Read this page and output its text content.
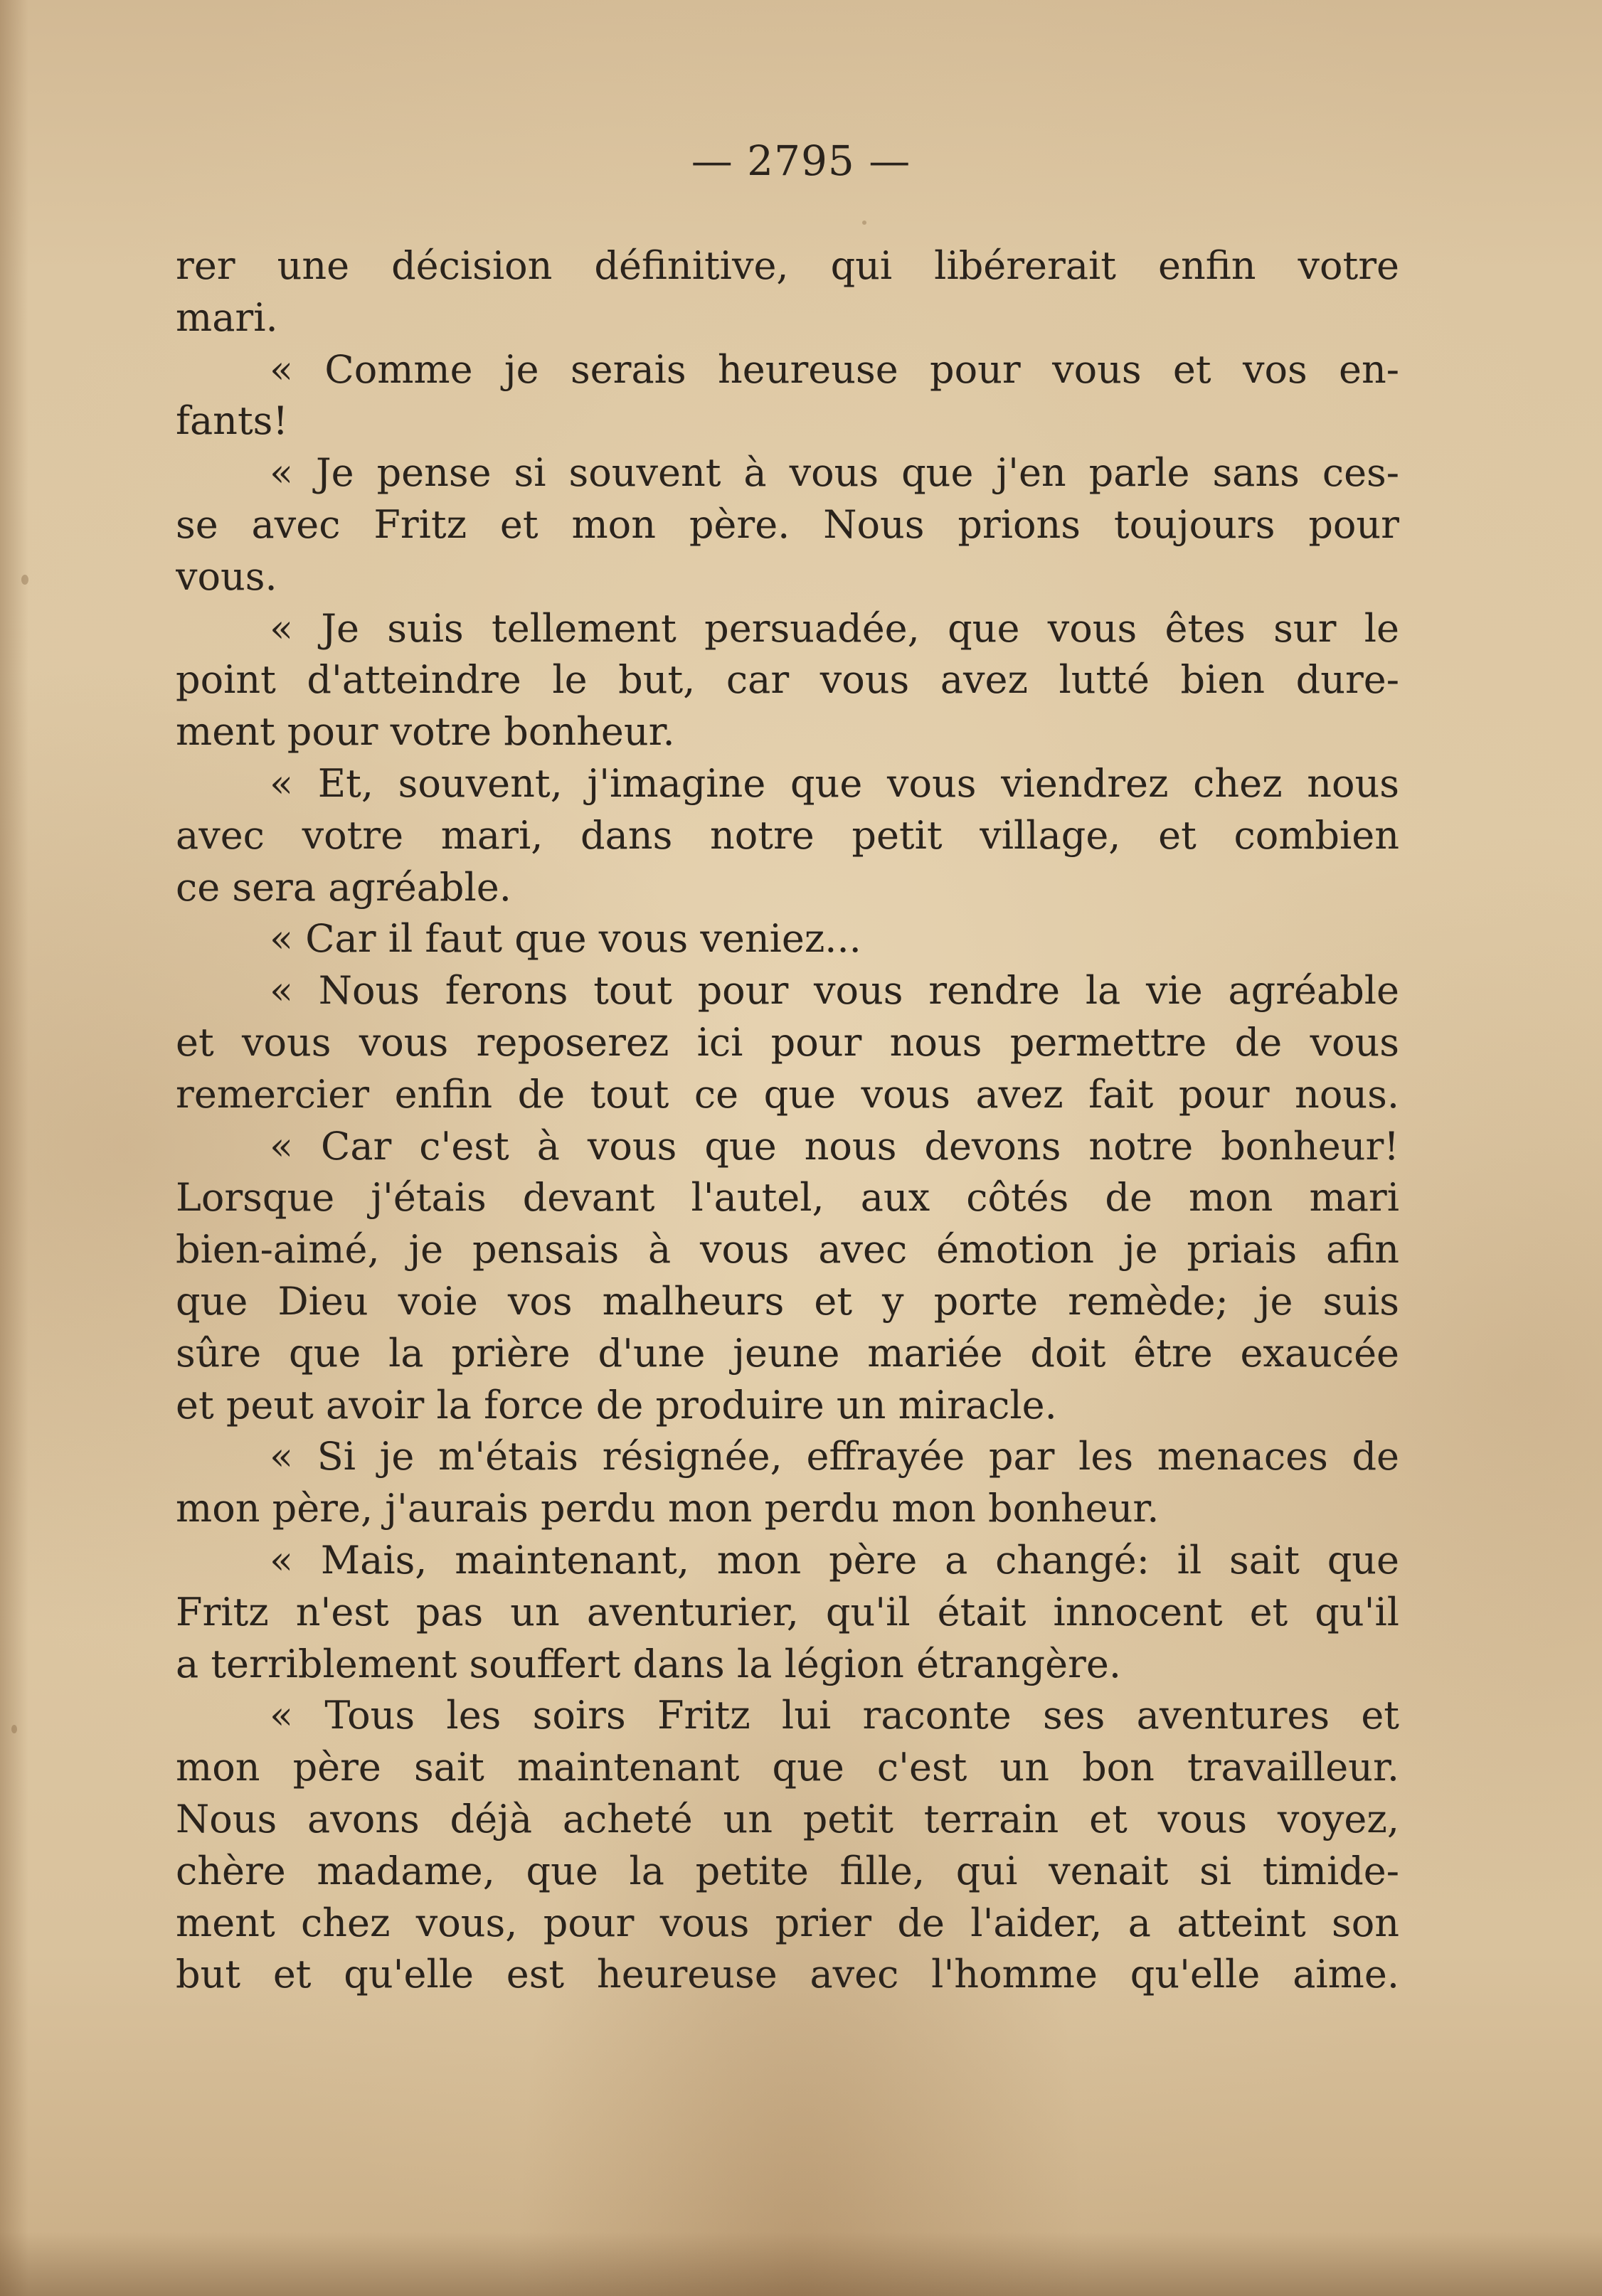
— 2795 —
rer une décision définitive, qui libérerait enfin votre
mari.
« Comme je serais heureuse pour vous et vos en-
fants!
« Je pense si souvent à vous que j'en parle sans ces-
se avec Fritz et mon père. Nous prions toujours pour
vous.
« Je suis tellement persuadée, que vous êtes sur le
point d'atteindre le but, car vous avez lutté bien dure-
ment pour votre bonheur.
« Et, souvent, j'imagine que vous viendrez chez nous
avec votre mari, dans notre petit village, et combien
ce sera agréable.
« Car il faut que vous veniez...
« Nous ferons tout pour vous rendre la vie agréable
et vous vous reposerez ici pour nous permettre de vous
remercier enfin de tout ce que vous avez fait pour nous.
« Car c'est à vous que nous devons notre bonheur!
Lorsque j'étais devant l'autel, aux côtés de mon mari
bien-aimé, je pensais à vous avec émotion je priais afin
que Dieu voie vos malheurs et y porte remède; je suis
sûre que la prière d'une jeune mariée doit être exaucée
et peut avoir la force de produire un miracle.
« Si je m'étais résignée, effrayée par les menaces de
mon père, j'aurais perdu mon perdu mon bonheur.
« Mais, maintenant, mon père a changé: il sait que
Fritz n'est pas un aventurier, qu'il était innocent et qu'il
a terriblement souffert dans la légion étrangère.
« Tous les soirs Fritz lui raconte ses aventures et
mon père sait maintenant que c'est un bon travailleur.
Nous avons déjà acheté un petit terrain et vous voyez,
chère madame, que la petite fille, qui venait si timide-
ment chez vous, pour vous prier de l'aider, a atteint son
but et qu'elle est heureuse avec l'homme qu'elle aime.
